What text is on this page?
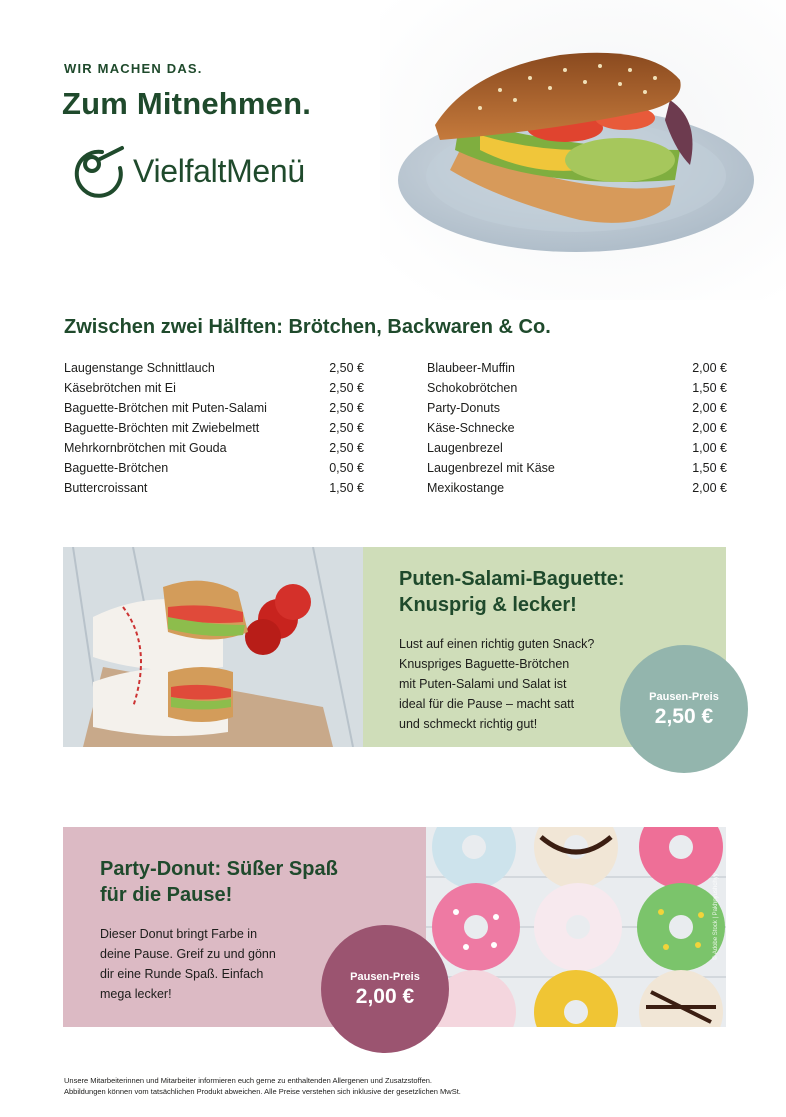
WIR MACHEN DAS.
Zum Mitnehmen.
VielfaltMenü
Zwischen zwei Hälften: Brötchen, Backwaren & Co.
Laugenstange Schnittlauch	2,50 €
Käsebrötchen mit Ei	2,50 €
Baguette-Brötchen mit Puten-Salami	2,50 €
Baguette-Bröchten mit Zwiebelmett	2,50 €
Mehrkornbrötchen mit Gouda	2,50 €
Baguette-Brötchen	0,50 €
Buttercroissant	1,50 €
Blaubeer-Muffin	2,00 €
Schokobrötchen	1,50 €
Party-Donuts	2,00 €
Käse-Schnecke	2,00 €
Laugenbrezel	1,00 €
Laugenbrezel mit Käse	1,50 €
Mexikostange	2,00 €
Puten-Salami-Baguette:
Knusprig & lecker!
Lust auf einen richtig guten Snack?
Knuspriges Baguette-Brötchen
mit Puten-Salami und Salat ist
ideal für die Pause – macht satt
und schmeckt richtig gut!
Pausen-Preis
2,50 €
© Adobe Stock | Pakhnyushchyy
Party-Donut: Süßer Spaß
für die Pause!
Dieser Donut bringt Farbe in
deine Pause. Greif zu und gönn
dir eine Runde Spaß. Einfach
mega lecker!
Pausen-Preis
2,00 €
Unsere Mitarbeiterinnen und Mitarbeiter informieren euch gerne zu enthaltenden Allergenen und Zusatzstoffen.
Abbildungen können vom tatsächlichen Produkt abweichen. Alle Preise verstehen sich inklusive der gesetzlichen MwSt.
